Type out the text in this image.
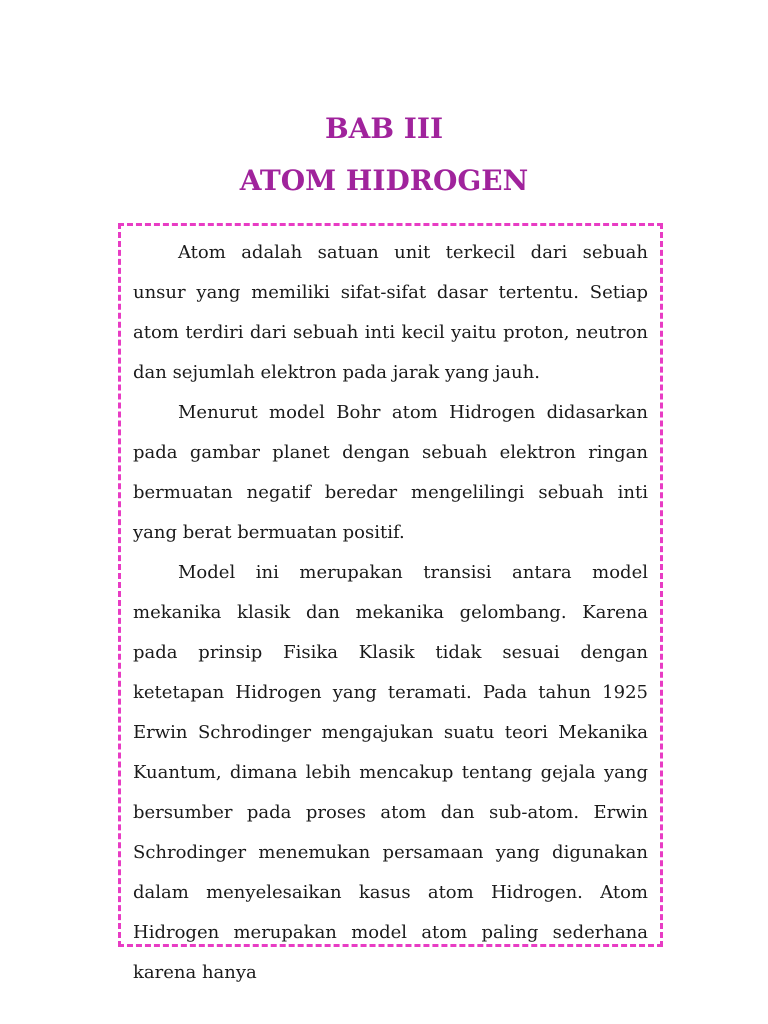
BAB III
ATOM HIDROGEN

Atom adalah satuan unit terkecil dari sebuah unsur yang memiliki sifat-sifat dasar tertentu. Setiap atom terdiri dari sebuah inti kecil yaitu proton, neutron dan sejumlah elektron pada jarak yang jauh.

Menurut model Bohr atom Hidrogen didasarkan pada gambar planet dengan sebuah elektron ringan bermuatan negatif beredar mengelilingi sebuah inti yang berat bermuatan positif.

Model ini merupakan transisi antara model mekanika klasik dan mekanika gelombang. Karena pada prinsip Fisika Klasik tidak sesuai dengan ketetapan Hidrogen yang teramati. Pada tahun 1925 Erwin Schrodinger mengajukan suatu teori Mekanika Kuantum, dimana lebih mencakup tentang gejala yang bersumber pada proses atom dan sub-atom. Erwin Schrodinger menemukan persamaan yang digunakan dalam menyelesaikan kasus atom Hidrogen. Atom Hidrogen merupakan model atom paling sederhana karena hanya
